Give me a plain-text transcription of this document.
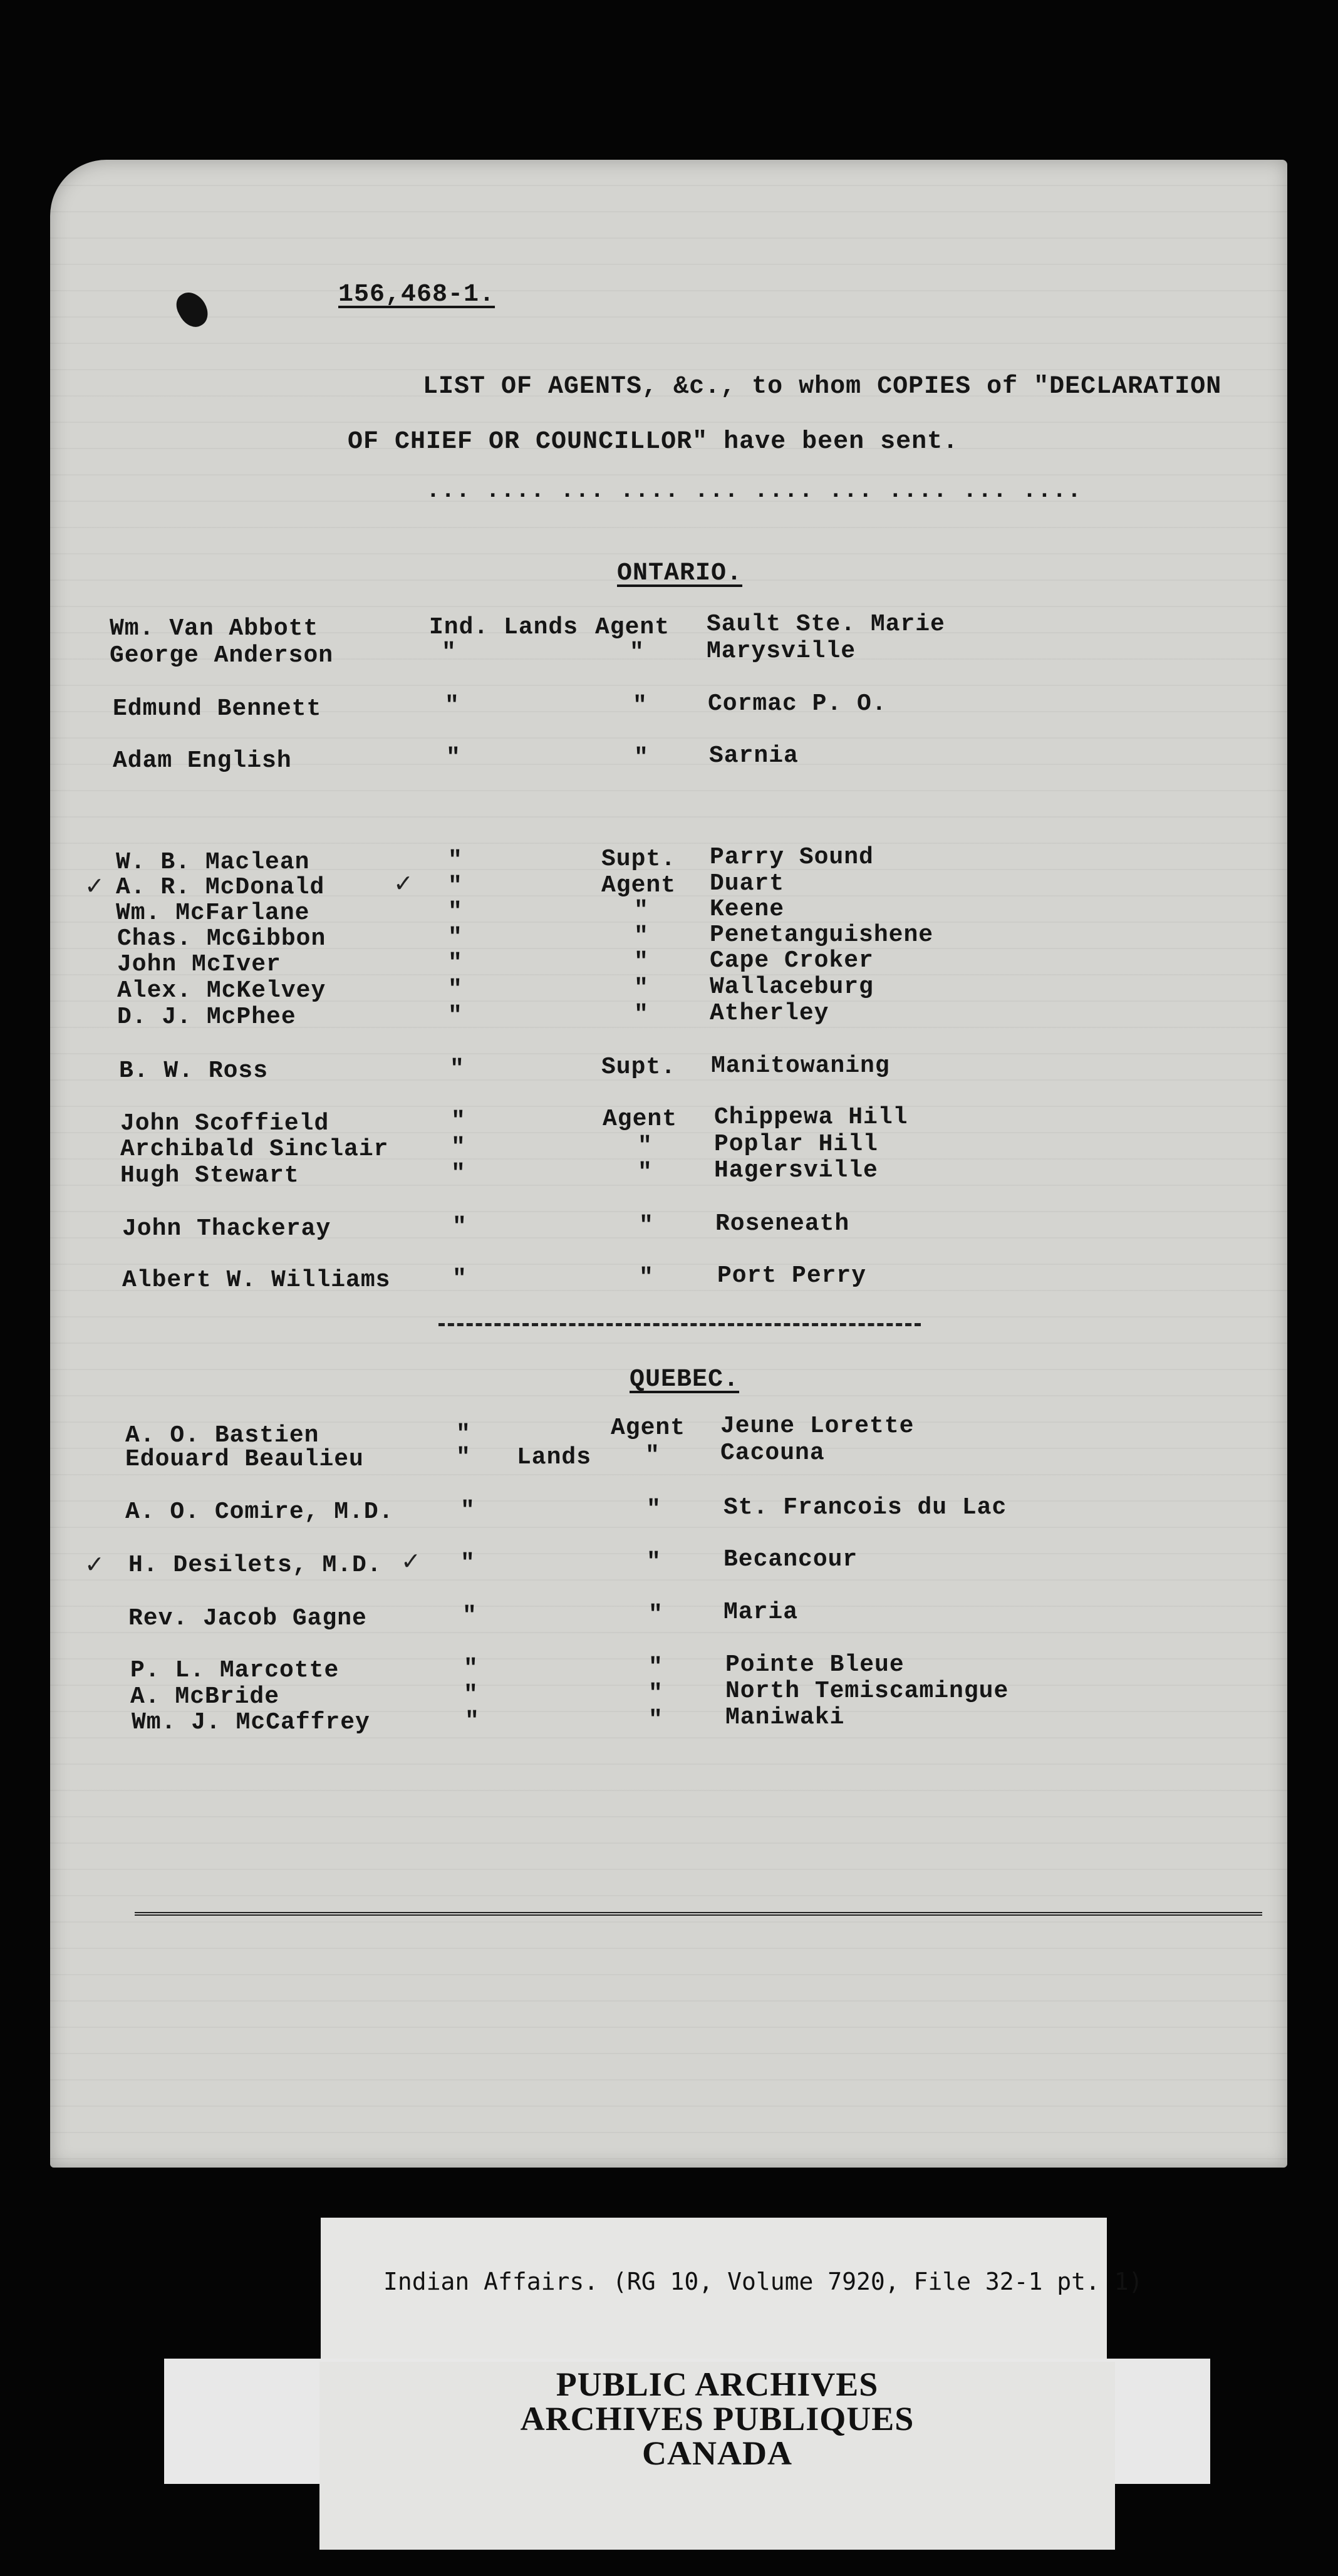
156,468-1.
LIST OF AGENTS, &c., to whom COPIES of "DECLARATION
OF CHIEF OR COUNCILLOR" have been sent.
... .... ... .... ... .... ... .... ... ....
ONTARIO.
Wm. Van Abbott	Ind. Lands Agent Sault Ste. Marie
George Anderson	"	"	Marysville
Edmund Bennett	"	"	Cormac P. O.
Adam English	"	"	Sarnia
W. B. Maclean	"	Supt. Parry Sound
✓ A. R. McDonald	✓ "	Agent Duart
Wm. McFarlane	"	"	Keene
Chas. McGibbon	"	"	Penetanguishene
John McIver	"	"	Cape Croker
Alex. McKelvey	"	"	Wallaceburg
D. J. McPhee	"	"	Atherley
B. W. Ross	"	Supt. Manitowaning
John Scoffield	"	Agent Chippewa Hill
Archibald Sinclair	"	"	Poplar Hill
Hugh Stewart	"	"	Hagersville
John Thackeray	"	"	Roseneath
Albert W. Williams	"	"	Port Perry
QUEBEC.
A. O. Bastien	"	Agent Jeune Lorette
Edouard Beaulieu	" Lands "	Cacouna
A. O. Comire, M.D.	"	"	St. Francois du Lac
✓ H. Desilets, M.D. ✓ "	"	Becancour
Rev. Jacob Gagne	"	"	Maria
P. L. Marcotte	"	"	Pointe Bleue
A. McBride	"	"	North Temiscamingue
Wm. J. McCaffrey	"	"	Maniwaki
Indian Affairs. (RG 10, Volume 7920, File 32-1 pt. 1)
PUBLIC ARCHIVES
ARCHIVES PUBLIQUES
CANADA
